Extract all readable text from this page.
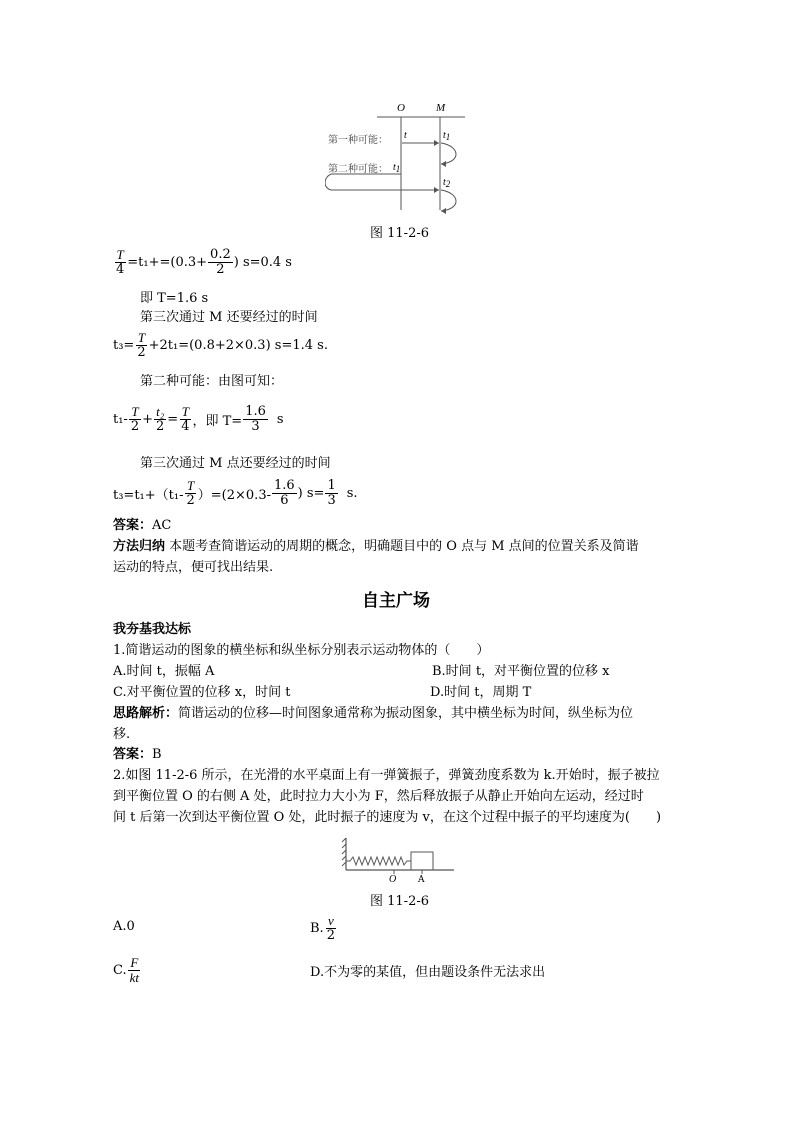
O	M
第一种可能：
第二种可能：
t	t1
t1
t2
图 11-2-6
$\frac{T}{4} =t_1+=(0.3+ \frac{0.2}{2}$ ) s=0.4 s
即 T=1.6 s
第三次通过 M 还要经过的时间
$t_3= \frac{T}{2} +2t_1=(0.8+2\times 0.3)$ s=1.4 s.
第二种可能：由图可知：
$t_1- \frac{T}{2} + \frac{\text{t₂}}{2} = \frac{T}{4}$ ，即 $T= \frac{1.6}{3}$ s
第三次通过 M 点还要经过的时间
$t_3=t_1+(t_1- \frac{T}{2} )=(2\times 0.3- \frac{1.6}{6}$ ) $s= \frac{1}{3} s$.
答案：AC
方法归纳 本题考查简谐运动的周期的概念，明确题目中的 O 点与 M 点间的位置关系及简谐
运动的特点，便可找出结果.
自主广场
我夯基我达标
1.简谐运动的图象的横坐标和纵坐标分别表示运动物体的（　　）
A.时间 t，振幅 A	B.时间 t，对平衡位置的位移 x
C.对平衡位置的位移 x，时间 t	D.时间 t，周期 T
思路解析：简谐运动的位移—时间图象通常称为振动图象，其中横坐标为时间，纵坐标为位
移.
答案：B
2.如图 11-2-6 所示，在光滑的水平桌面上有一弹簧振子，弹簧劲度系数为 k.开始时，振子被拉
到平衡位置 O 的右侧 A 处，此时拉力大小为 F，然后释放振子从静止开始向左运动，经过时
间 t 后第一次到达平衡位置 O 处，此时振子的速度为 v，在这个过程中振子的平均速度为(　　)
O A
图 11-2-6
A.0	B. $\frac{v}{2}$
C. $\frac{F}{kt}$	D.不为零的某值，但由题设条件无法求出
